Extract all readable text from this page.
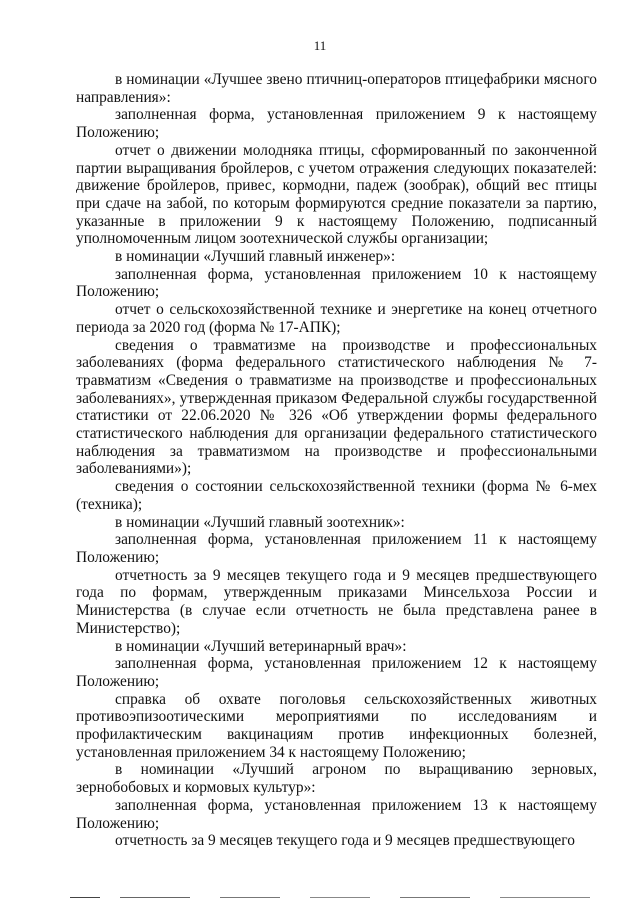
11

в номинации «Лучшее звено птичниц-операторов птицефабрики мясного направления»:

заполненная форма, установленная приложением 9 к настоящему Положению;

отчет о движении молодняка птицы, сформированный по законченной партии выращивания бройлеров, с учетом отражения следующих показателей: движение бройлеров, привес, кормодни, падеж (зообрак), общий вес птицы при сдаче на забой, по которым формируются средние показатели за партию, указанные в приложении 9 к настоящему Положению, подписанный уполномоченным лицом зоотехнической службы организации;

в номинации «Лучший главный инженер»:

заполненная форма, установленная приложением 10 к настоящему Положению;

отчет о сельскохозяйственной технике и энергетике на конец отчетного периода за 2020 год (форма № 17-АПК);

сведения о травматизме на производстве и профессиональных заболеваниях (форма федерального статистического наблюдения № 7-травматизм «Сведения о травматизме на производстве и профессиональных заболеваниях», утвержденная приказом Федеральной службы государственной статистики от 22.06.2020 № 326 «Об утверждении формы федерального статистического наблюдения для организации федерального статистического наблюдения за травматизмом на производстве и профессиональными заболеваниями»);

сведения о состоянии сельскохозяйственной техники (форма № 6-мех (техника);

в номинации «Лучший главный зоотехник»:

заполненная форма, установленная приложением 11 к настоящему Положению;

отчетность за 9 месяцев текущего года и 9 месяцев предшествующего года по формам, утвержденным приказами Минсельхоза России и Министерства (в случае если отчетность не была представлена ранее в Министерство);

в номинации «Лучший ветеринарный врач»:

заполненная форма, установленная приложением 12 к настоящему Положению;

справка об охвате поголовья сельскохозяйственных животных противоэпизоотическими мероприятиями по исследованиям и профилактическим вакцинациям против инфекционных болезней, установленная приложением 34 к настоящему Положению;

в номинации «Лучший агроном по выращиванию зерновых, зернобобовых и кормовых культур»:

заполненная форма, установленная приложением 13 к настоящему Положению;

отчетность за 9 месяцев текущего года и 9 месяцев предшествующего
